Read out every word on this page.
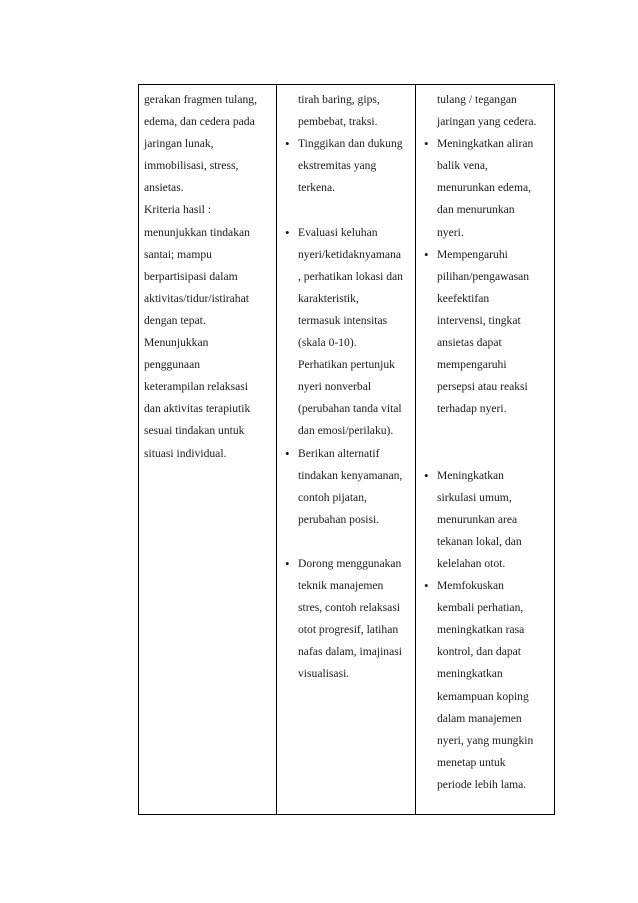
gerakan fragmen tulang,
edema, dan cedera pada
jaringan lunak,
immobilisasi, stress,
ansietas.
Kriteria hasil :
menunjukkan tindakan
santai; mampu
berpartisipasi dalam
aktivitas/tidur/istirahat
dengan tepat.
Menunjukkan
penggunaan
keterampilan relaksasi
dan aktivitas terapiutik
sesuai tindakan untuk
situasi individual.

tirah baring, gips,
pembebat, traksi.
• Tinggikan dan dukung
ekstremitas yang
terkena.
• Evaluasi keluhan
nyeri/ketidaknyamana
, perhatikan lokasi dan
karakteristik,
termasuk intensitas
(skala 0-10).
Perhatikan pertunjuk
nyeri nonverbal
(perubahan tanda vital
dan emosi/perilaku).
• Berikan alternatif
tindakan kenyamanan,
contoh pijatan,
perubahan posisi.
• Dorong menggunakan
teknik manajemen
stres, contoh relaksasi
otot progresif, latihan
nafas dalam, imajinasi
visualisasi.

tulang / tegangan
jaringan yang cedera.
• Meningkatkan aliran
balik vena,
menurunkan edema,
dan menurunkan
nyeri.
• Mempengaruhi
pilihan/pengawasan
keefektifan
intervensi, tingkat
ansietas dapat
mempengaruhi
persepsi atau reaksi
terhadap nyeri.
• Meningkatkan
sirkulasi umum,
menurunkan area
tekanan lokal, dan
kelelahan otot.
• Memfokuskan
kembali perhatian,
meningkatkan rasa
kontrol, dan dapat
meningkatkan
kemampuan koping
dalam manajemen
nyeri, yang mungkin
menetap untuk
periode lebih lama.
